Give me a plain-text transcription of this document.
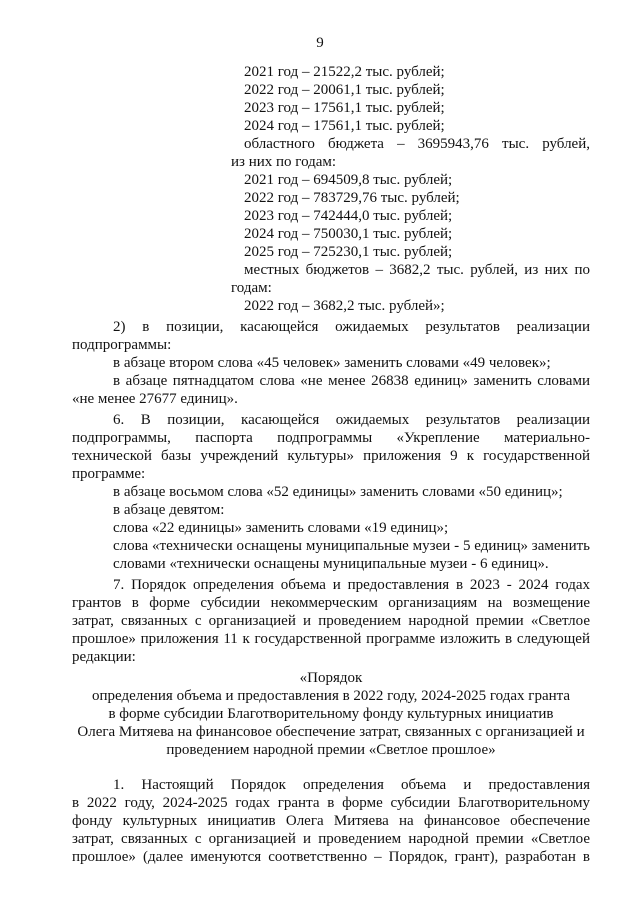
9
2021 год – 21522,2 тыс. рублей;
2022 год – 20061,1 тыс. рублей;
2023 год – 17561,1 тыс. рублей;
2024 год – 17561,1 тыс. рублей;
областного бюджета – 3695943,76 тыс. рублей,
из них по годам:
2021 год – 694509,8 тыс. рублей;
2022 год – 783729,76 тыс. рублей;
2023 год – 742444,0 тыс. рублей;
2024 год – 750030,1 тыс. рублей;
2025 год – 725230,1 тыс. рублей;
местных бюджетов – 3682,2 тыс. рублей, из них по
годам:
2022 год – 3682,2 тыс. рублей»;
2) в позиции, касающейся ожидаемых результатов реализации
подпрограммы:
в абзаце втором слова «45 человек» заменить словами «49 человек»;
в абзаце пятнадцатом слова «не менее 26838 единиц» заменить словами
«не менее 27677 единиц».
6. В позиции, касающейся ожидаемых результатов реализации
подпрограммы, паспорта подпрограммы «Укрепление материально-
технической базы учреждений культуры» приложения 9 к государственной
программе:
в абзаце восьмом слова «52 единицы» заменить словами «50 единиц»;
в абзаце девятом:
слова «22 единицы» заменить словами «19 единиц»;
слова «технически оснащены муниципальные музеи - 5 единиц» заменить
словами «технически оснащены муниципальные музеи - 6 единиц».
7. Порядок определения объема и предоставления в 2023 - 2024 годах
грантов в форме субсидии некоммерческим организациям на возмещение
затрат, связанных с организацией и проведением народной премии «Светлое
прошлое» приложения 11 к государственной программе изложить в следующей
редакции:
«Порядок
определения объема и предоставления в 2022 году, 2024-2025 годах гранта
в форме субсидии Благотворительному фонду культурных инициатив
Олега Митяева на финансовое обеспечение затрат, связанных с организацией и
проведением народной премии «Светлое прошлое»
1. Настоящий Порядок определения объема и предоставления
в 2022 году, 2024-2025 годах гранта в форме субсидии Благотворительному
фонду культурных инициатив Олега Митяева на финансовое обеспечение
затрат, связанных с организацией и проведением народной премии «Светлое
прошлое» (далее именуются соответственно – Порядок, грант), разработан в
